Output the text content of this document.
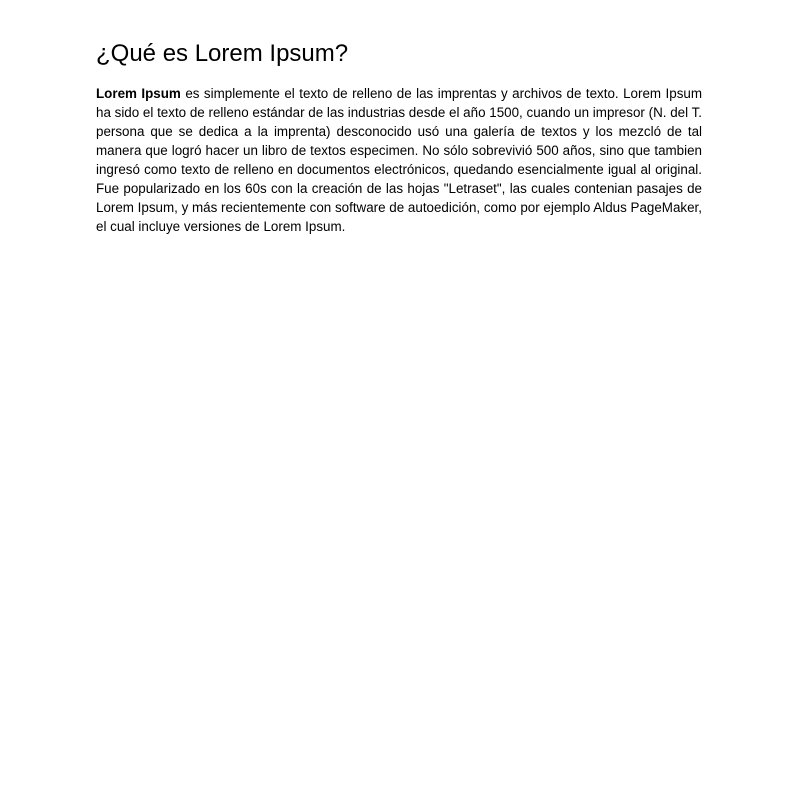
¿Qué es Lorem Ipsum?

Lorem Ipsum es simplemente el texto de relleno de las imprentas y archivos de texto. Lorem Ipsum ha sido el texto de relleno estándar de las industrias desde el año 1500, cuando un impresor (N. del T. persona que se dedica a la imprenta) desconocido usó una galería de textos y los mezcló de tal manera que logró hacer un libro de textos especimen. No sólo sobrevivió 500 años, sino que tambien ingresó como texto de relleno en documentos electrónicos, quedando esencialmente igual al original. Fue popularizado en los 60s con la creación de las hojas "Letraset", las cuales contenian pasajes de Lorem Ipsum, y más recientemente con software de autoedición, como por ejemplo Aldus PageMaker, el cual incluye versiones de Lorem Ipsum.
